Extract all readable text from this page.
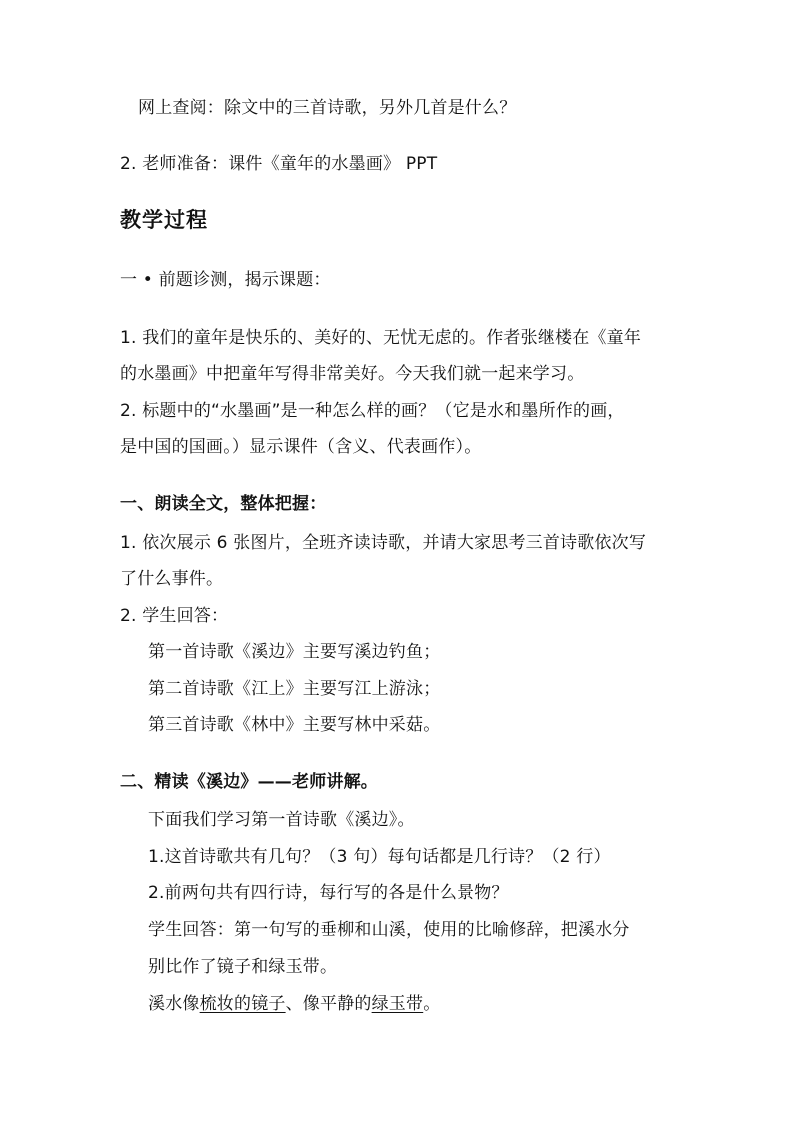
网上查阅：除文中的三首诗歌，另外几首是什么？
2. 老师准备：课件《童年的水墨画》 PPT
教学过程
一 • 前题诊测，揭示课题：
1. 我们的童年是快乐的、美好的、无忧无虑的。作者张继楼在《童年
的水墨画》中把童年写得非常美好。今天我们就一起来学习。
2. 标题中的“水墨画”是一种怎么样的画？（它是水和墨所作的画，
是中国的国画。）显示课件（含义、代表画作）。
一、朗读全文，整体把握：
1. 依次展示 6 张图片，全班齐读诗歌，并请大家思考三首诗歌依次写
了什么事件。
2. 学生回答：
第一首诗歌《溪边》主要写溪边钓鱼；
第二首诗歌《江上》主要写江上游泳；
第三首诗歌《林中》主要写林中采菇。
二、精读《溪边》——老师讲解。
下面我们学习第一首诗歌《溪边》。
1.这首诗歌共有几句？（3 句）每句话都是几行诗？（2 行）
2.前两句共有四行诗，每行写的各是什么景物？
学生回答：第一句写的垂柳和山溪，使用的比喻修辞，把溪水分
别比作了镜子和绿玉带。
溪水像梳妆的镜子、像平静的绿玉带。
